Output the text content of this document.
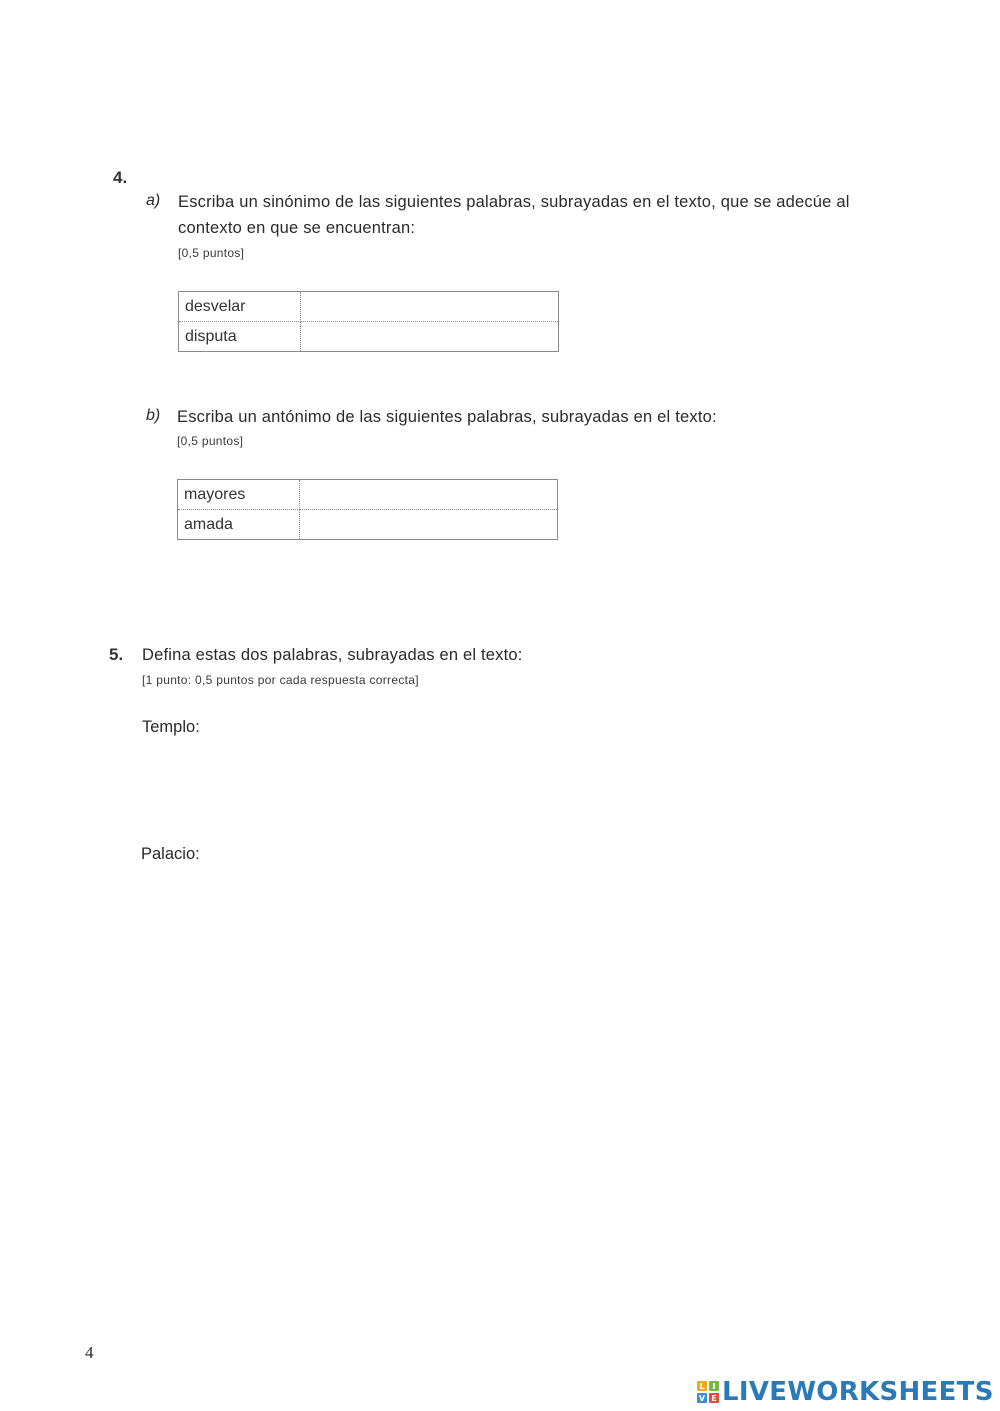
4.
a) Escriba un sinónimo de las siguientes palabras, subrayadas en el texto, que se adecúe al
contexto en que se encuentran:
[0,5 puntos]
desvelar	
disputa	
b) Escriba un antónimo de las siguientes palabras, subrayadas en el texto:
[0,5 puntos]
mayores	
amada	
5. Defina estas dos palabras, subrayadas en el texto:
[1 punto: 0,5 puntos por cada respuesta correcta]
Templo:
Palacio:
4
L I
V E LIVEWORKSHEETS
